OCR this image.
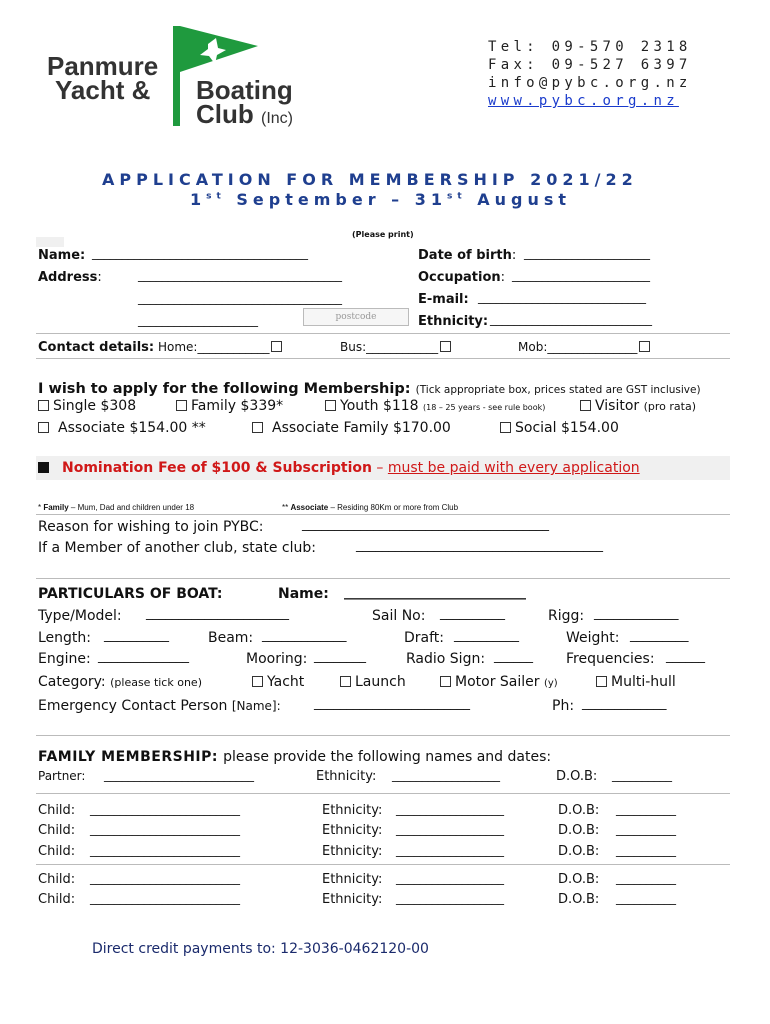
Panmure
Yacht & Boating
Club (Inc)
Tel: 09-570 2318
Fax: 09-527 6397
info@pybc.org.nz
www.pybc.org.nz
APPLICATION FOR MEMBERSHIP 2021/22
1st September – 31st August
(Please print)
Name: ____________________________________	Date of birth: _____________________
Address:	__________________________________	Occupation: _______________________
__________________________________	E-mail: ____________________________
____________________	postcode	Ethnicity: ___________________________
Contact details: Home:____________	Bus:____________	Mob:_______________
I wish to apply for the following Membership: (Tick appropriate box, prices stated are GST inclusive)
Single $308	Family $339*	Youth $118 (18 – 25 years - see rule book)	Visitor (pro rata)
Associate $154.00 **	Associate Family $170.00	Social $154.00
Nomination Fee of $100 & Subscription – must be paid with every application
* Family – Mum, Dad and children under 18	** Associate – Residing 80Km or more from Club
Reason for wishing to join PYBC:	______________________________________
If a Member of another club, state club:	______________________________________
PARTICULARS OF BOAT:	Name: __________________________
Type/Model: ______________________	Sail No: __________	Rigg: _____________
Length: __________	Beam: _____________	Draft: __________	Weight: _________
Engine: ______________	Mooring: ________	Radio Sign: ______ Frequencies: ______
Category: (please tick one)	Yacht	Launch	Motor Sailer (y)	Multi-hull
Emergency Contact Person [Name]:	________________________	Ph: _____________
FAMILY MEMBERSHIP: please provide the following names and dates:
Partner: _________________________	Ethnicity: __________________	D.O.B: __________
Child: _________________________	Ethnicity: __________________	D.O.B: __________
Child: _________________________	Ethnicity: __________________	D.O.B: __________
Child: _________________________	Ethnicity: __________________	D.O.B: __________
Child: _________________________	Ethnicity: __________________	D.O.B: __________
Child: _________________________	Ethnicity: __________________	D.O.B: __________
Direct credit payments to: 12-3036-0462120-00
